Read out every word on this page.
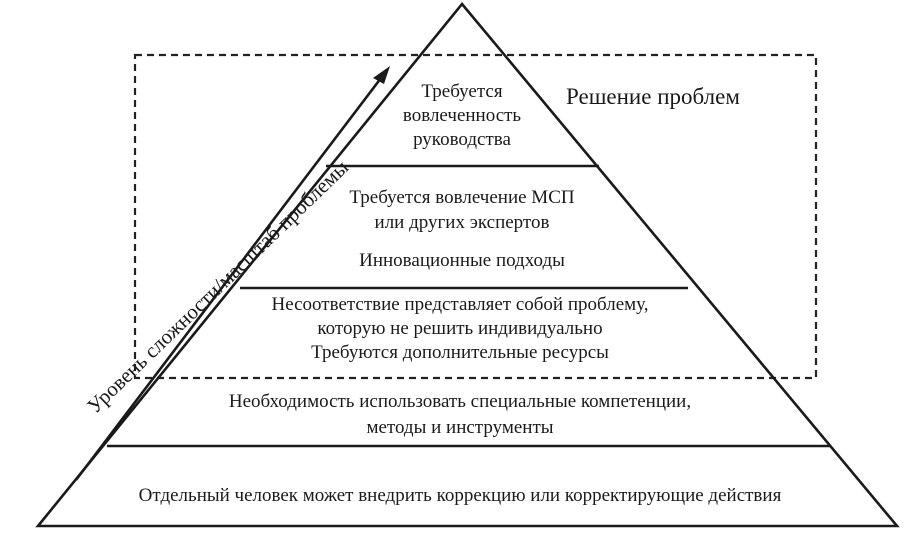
Требуется
вовлеченность
руководства
Требуется вовлечение МСП
или других экспертов
Инновационные подходы
Несоответствие представляет собой проблему,
которую не решить индивидуально
Требуются дополнительные ресурсы
Необходимость использовать специальные компетенции,
методы и инструменты
Отдельный человек может внедрить коррекцию или корректирующие действия
Решение проблем
Уровень сложности/масштаб проблемы
